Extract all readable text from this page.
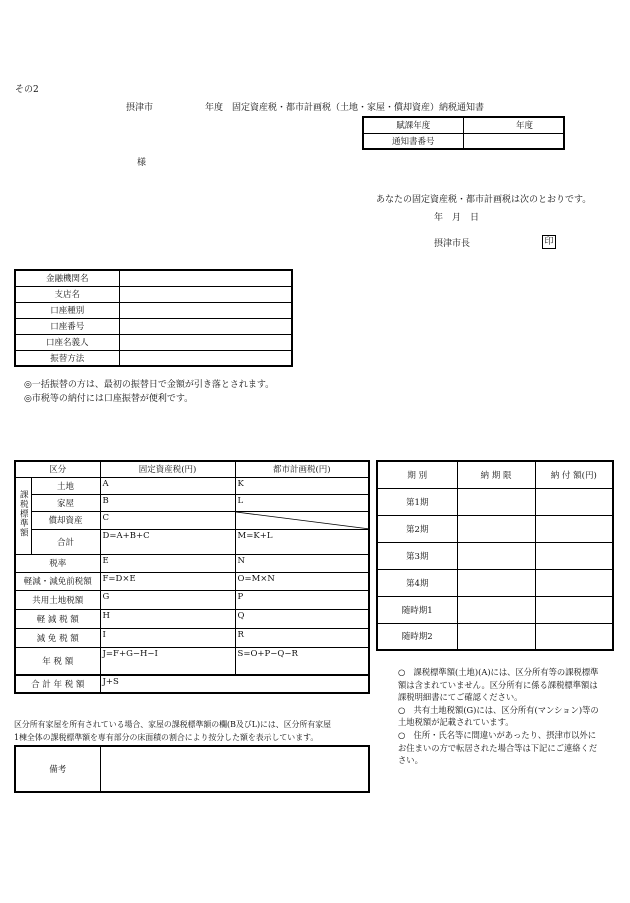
その2
摂津市	年度　固定資産税・都市計画税（土地・家屋・償却資産）納税通知書
賦課年度	年度
通知書番号	
様
あなたの固定資産税・都市計画税は次のとおりです。
年　月　日
摂津市長	印
金融機関名	
支店名	
口座種別	
口座番号	
口座名義人	
振替方法	
◎一括振替の方は、最初の振替日で金額が引き落とされます。
◎市税等の納付には口座振替が便利です。
区分		固定資産税(円)	都市計画税(円)
課税標準額	土地	A	K
	家屋	B	L
	償却資産	C	

	合計	D=A+B+C	M=K+L
税率		E	N
軽減・減免前税額		F=D×E	O=M×N
共用土地税額		G	P
軽 減 税 額		H	Q
減 免 税 額		I	R
年 税 額		J=F+G−H−I	S=O+P−Q−R
合 計 年 税 額		J+S	
期 別	納 期 限	納 付 額(円)
第1期		
第2期		
第3期		
第4期		
随時期1		
随時期2		
○　課税標準額(土地)(A)には、区分所有等の課税標準
額は含まれていません。区分所有に係る課税標準額は
課税明細書にてご確認ください。
○　共有土地税額(G)には、区分所有(マンション)等の
土地税額が記載されています。
○　住所・氏名等に間違いがあったり、摂津市以外に
お住まいの方で転居された場合等は下記にご連絡くだ
さい。
区分所有家屋を所有されている場合、家屋の課税標準額の欄(B及びL)には、区分所有家屋
1棟全体の課税標準額を専有部分の床面積の割合により按分した額を表示しています。
備考	
